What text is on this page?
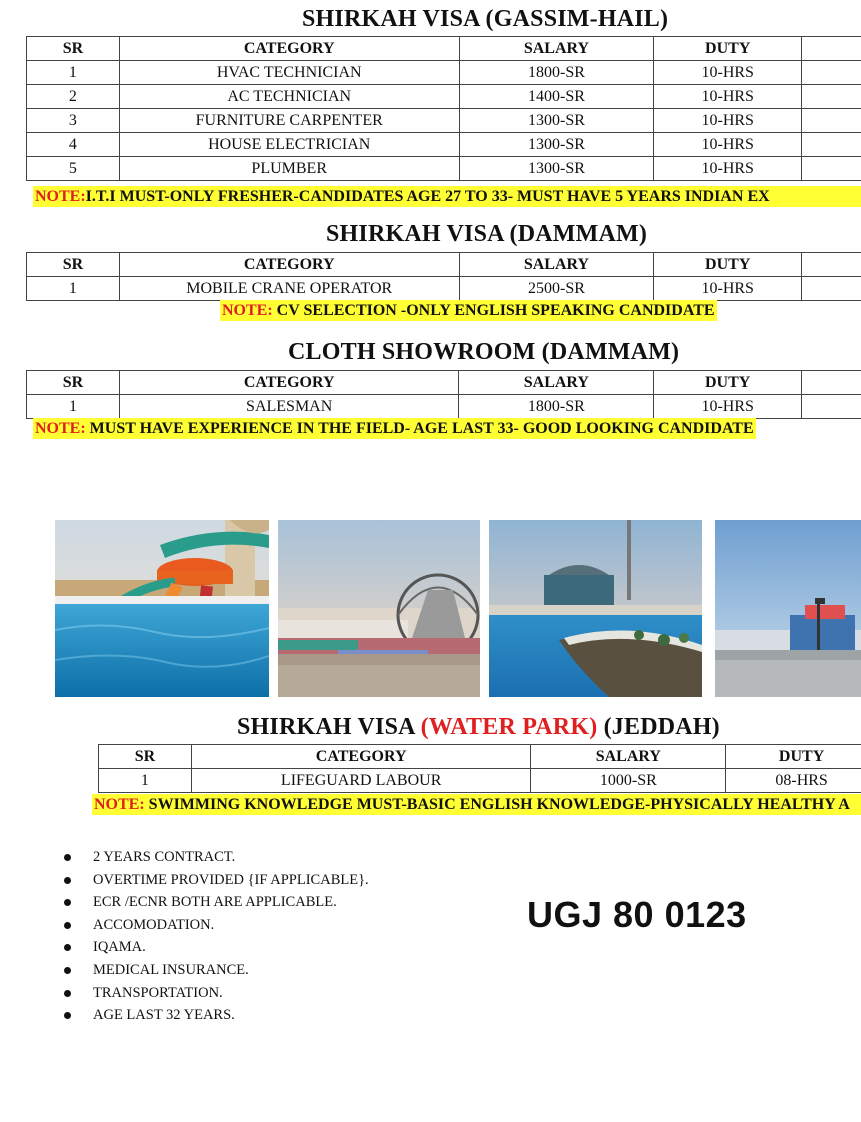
SHIRKAH VISA (GASSIM-HAIL)
SR	CATEGORY	SALARY	DUTY	
1	HVAC TECHNICIAN	1800-SR	10-HRS	
2	AC TECHNICIAN	1400-SR	10-HRS	
3	FURNITURE CARPENTER	1300-SR	10-HRS	
4	HOUSE ELECTRICIAN	1300-SR	10-HRS	
5	PLUMBER	1300-SR	10-HRS	
NOTE:I.T.I MUST-ONLY FRESHER-CANDIDATES AGE 27 TO 33- MUST HAVE 5 YEARS INDIAN EX
SHIRKAH VISA (DAMMAM)
SR	CATEGORY	SALARY	DUTY	
1	MOBILE CRANE OPERATOR	2500-SR	10-HRS	
NOTE: CV SELECTION -ONLY ENGLISH SPEAKING CANDIDATE
CLOTH SHOWROOM (DAMMAM)
SR	CATEGORY	SALARY	DUTY	
1	SALESMAN	1800-SR	10-HRS	
NOTE: MUST HAVE EXPERIENCE IN THE FIELD- AGE LAST 33- GOOD LOOKING CANDIDATE
SHIRKAH VISA (WATER PARK) (JEDDAH)
SR	CATEGORY	SALARY	DUTY
1	LIFEGUARD LABOUR	1000-SR	08-HRS
NOTE: SWIMMING KNOWLEDGE MUST-BASIC ENGLISH KNOWLEDGE-PHYSICALLY HEALTHY A
2 YEARS CONTRACT.
OVERTIME PROVIDED {IF APPLICABLE}.
ECR /ECNR BOTH ARE APPLICABLE.
ACCOMODATION.
IQAMA.
MEDICAL INSURANCE.
TRANSPORTATION.
AGE LAST 32 YEARS.
UGJ 80 0123
